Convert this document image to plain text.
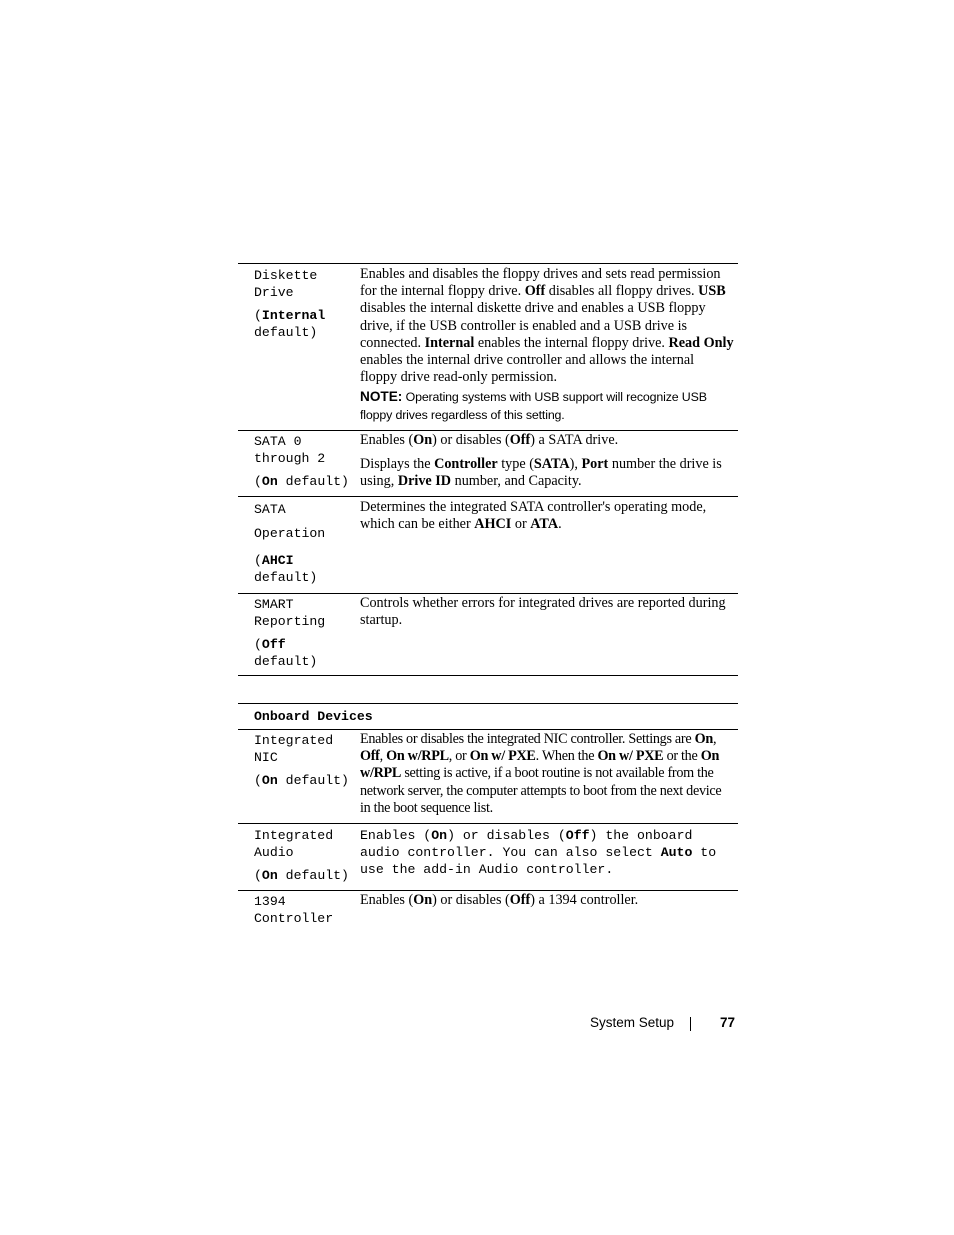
Diskette

Drive

(Internal

default)

Enables and disables the floppy drives and sets read permission for the internal floppy drive. Off disables all floppy drives. USB disables the internal diskette drive and enables a USB floppy drive, if the USB controller is enabled and a USB drive is connected. Internal enables the internal floppy drive. Read Only enables the internal drive controller and allows the internal floppy drive read-only permission.

NOTE: Operating systems with USB support will recognize USB floppy drives regardless of this setting.

SATA 0

through 2

(On default)

Enables (On) or disables (Off) a SATA drive.

Displays the Controller type (SATA), Port number the drive is using, Drive ID number, and Capacity.

SATA

Operation

(AHCI

default)

Determines the integrated SATA controller's operating mode, which can be either AHCI or ATA.

SMART

Reporting

(Off

default)

Controls whether errors for integrated drives are reported during startup.

Onboard Devices

Integrated

NIC

(On default)

Enables or disables the integrated NIC controller. Settings are On, Off, On w/RPL, or On w/ PXE. When the On w/ PXE or the On w/RPL setting is active, if a boot routine is not available from the network server, the computer attempts to boot from the next device in the boot sequence list.

Integrated

Audio

(On default)

Enables (On) or disables (Off) the onboard audio controller. You can also select Auto to use the add-in Audio controller.

1394

Controller

Enables (On) or disables (Off) a 1394 controller.

System Setup	77
